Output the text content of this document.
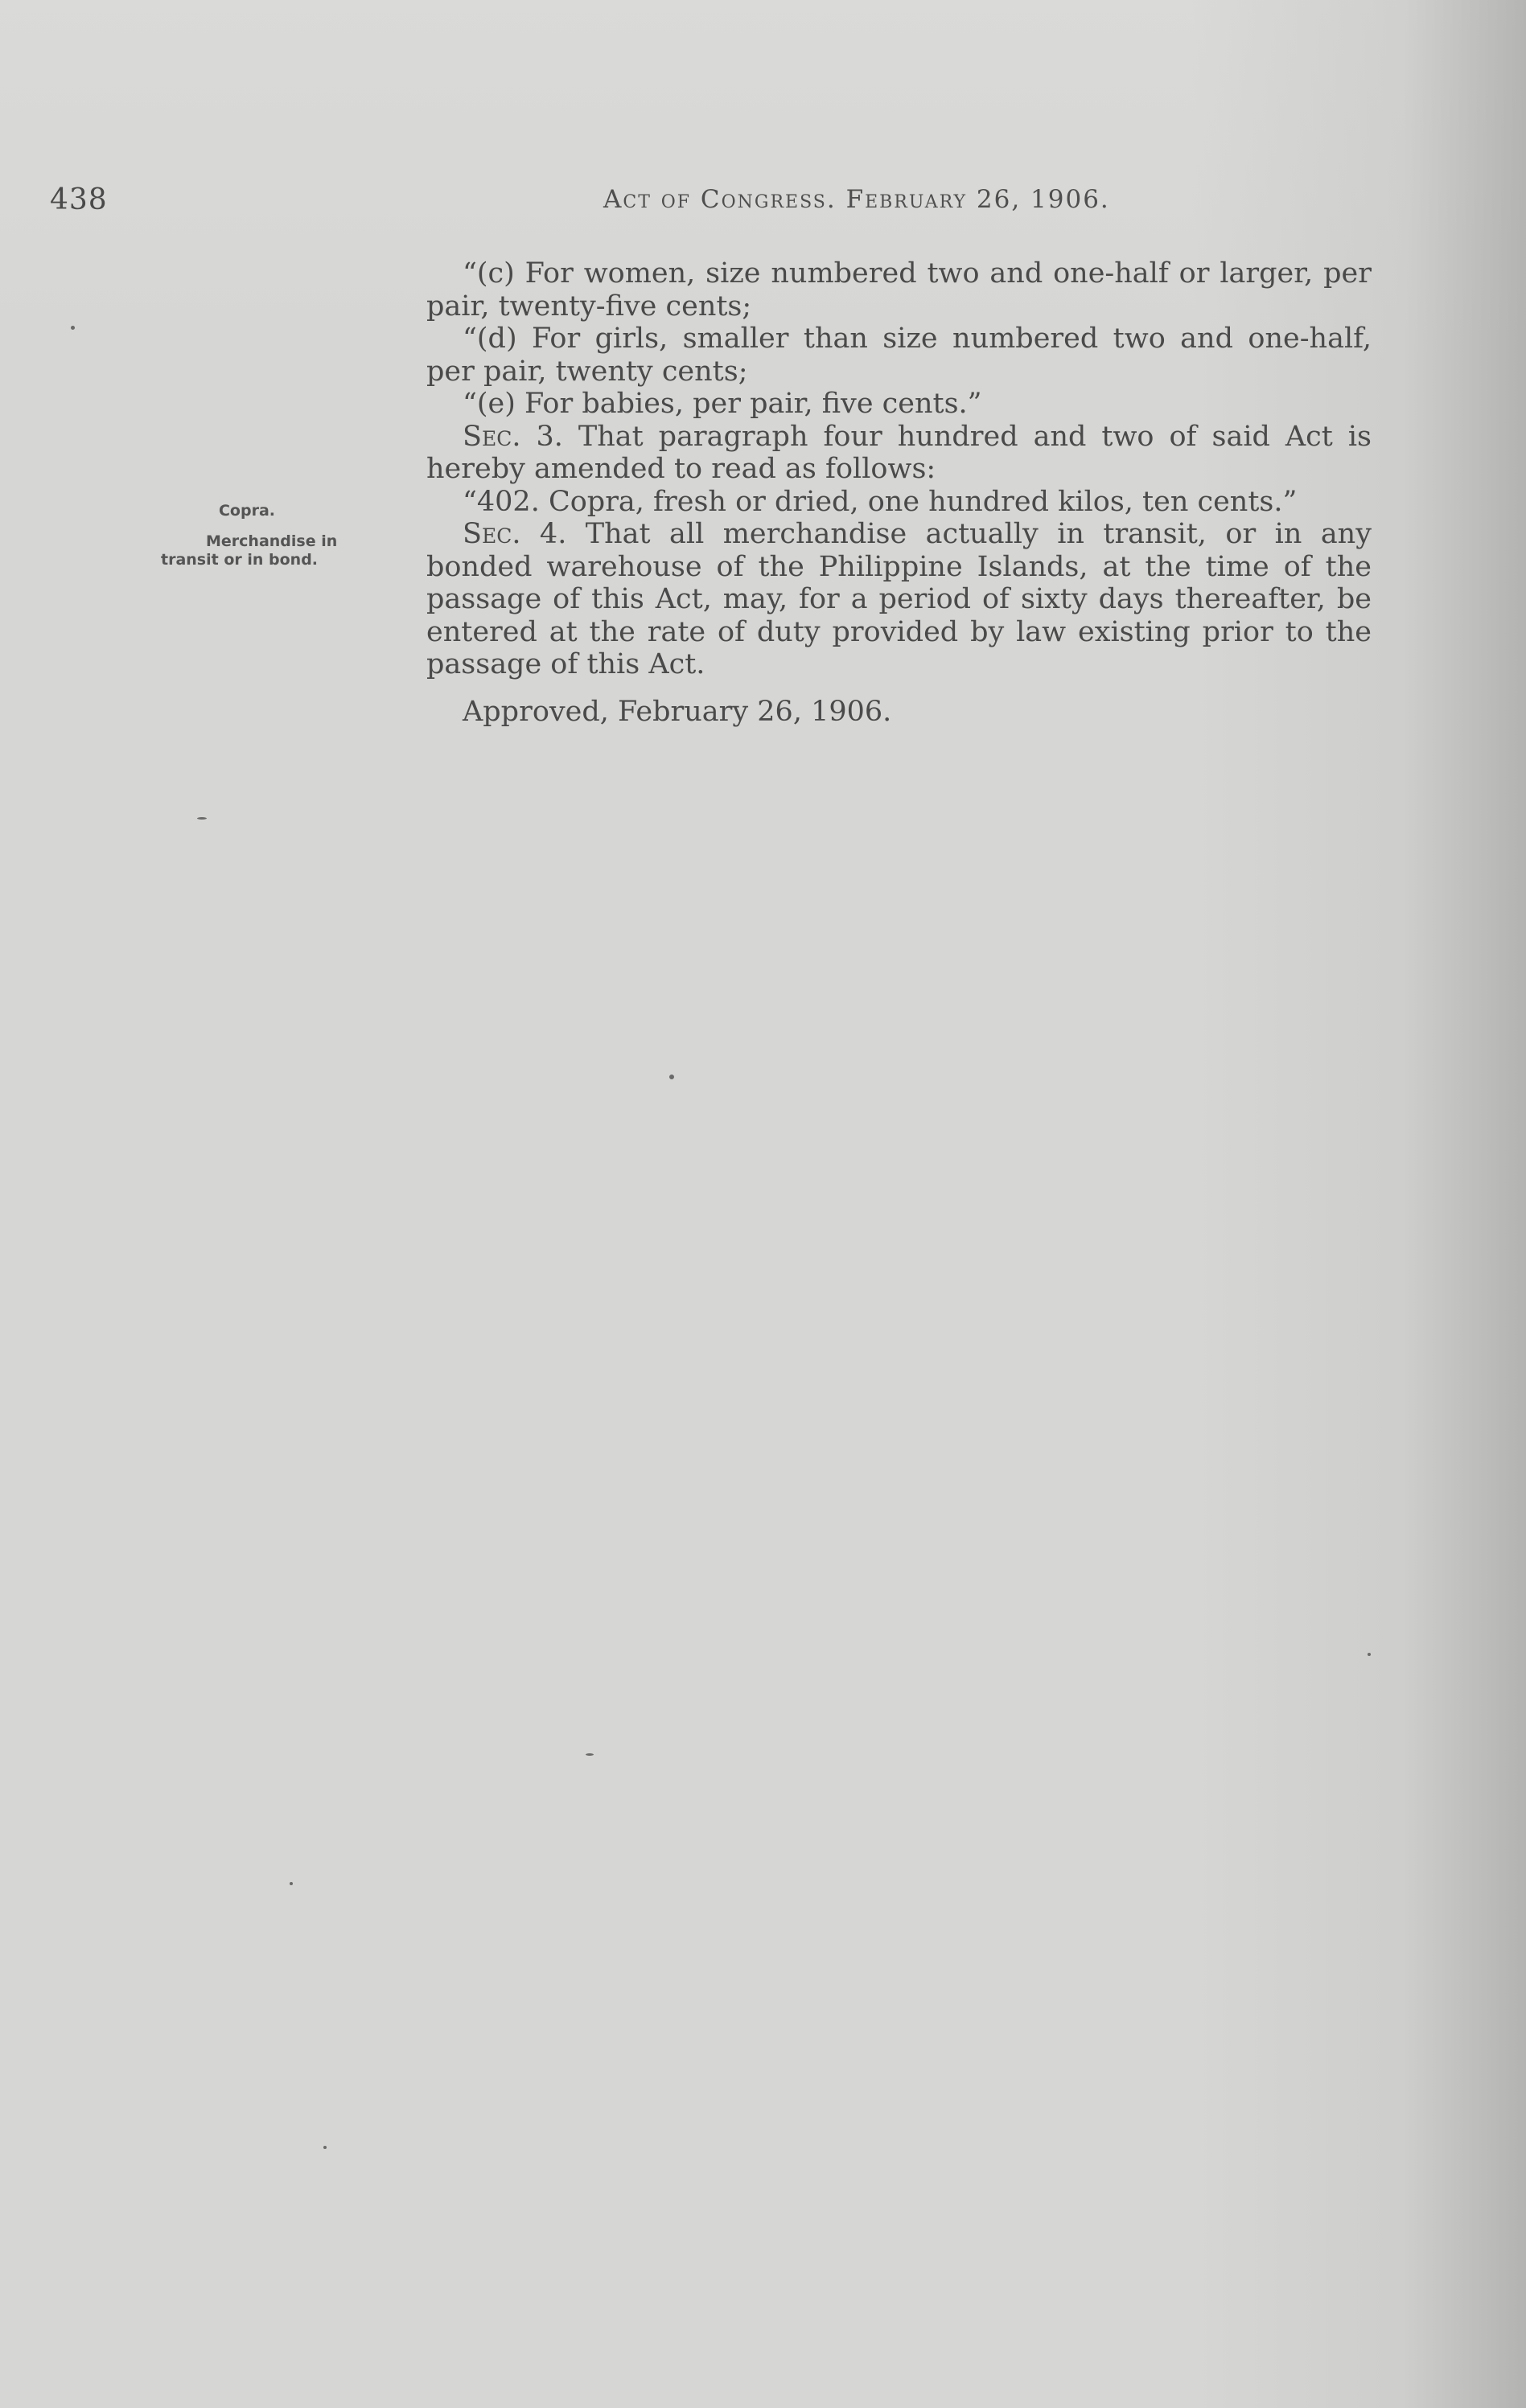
438	Act of Congress. February 26, 1906.
Copra.
Merchandise in
transit or in bond.

“(c) For women, size numbered two and one-half or larger, per pair, twenty-five cents;

“(d) For girls, smaller than size numbered two and one-half, per pair, twenty cents;

“(e) For babies, per pair, five cents.”

Sec. 3. That paragraph four hundred and two of said Act is hereby amended to read as follows:

“402. Copra, fresh or dried, one hundred kilos, ten cents.”

Sec. 4. That all merchandise actually in transit, or in any bonded warehouse of the Philippine Islands, at the time of the passage of this Act, may, for a period of sixty days thereafter, be entered at the rate of duty provided by law existing prior to the passage of this Act.

Approved, February 26, 1906.
